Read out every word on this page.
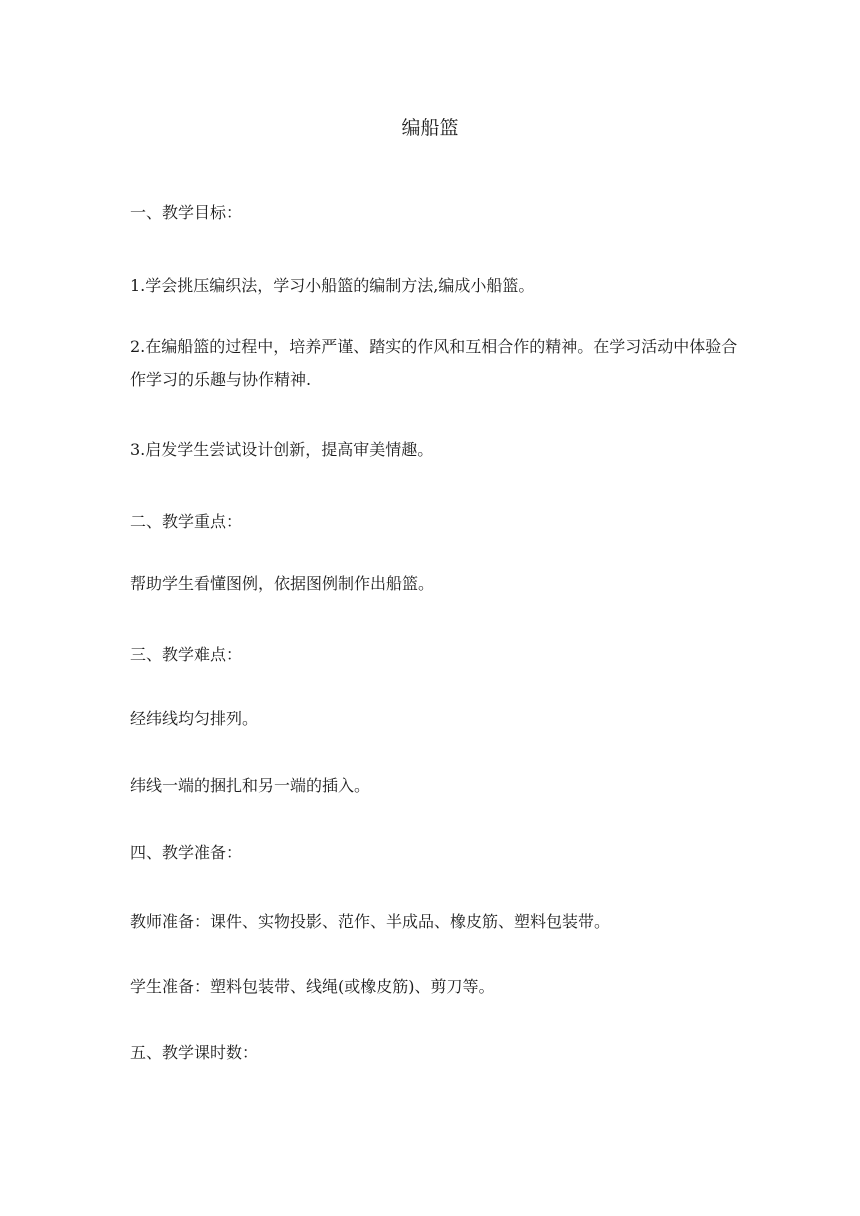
编船篮

一、教学目标：

1.学会挑压编织法，学习小船篮的编制方法,编成小船篮。

2.在编船篮的过程中，培养严谨、踏实的作风和互相合作的精神。在学习活动中体验合作学习的乐趣与协作精神.

3.启发学生尝试设计创新，提高审美情趣。

二、教学重点：

帮助学生看懂图例，依据图例制作出船篮。

三、教学难点：

经纬线均匀排列。

纬线一端的捆扎和另一端的插入。

四、教学准备：

教师准备：课件、实物投影、范作、半成品、橡皮筋、塑料包装带。

学生准备：塑料包装带、线绳(或橡皮筋)、剪刀等。

五、教学课时数：
